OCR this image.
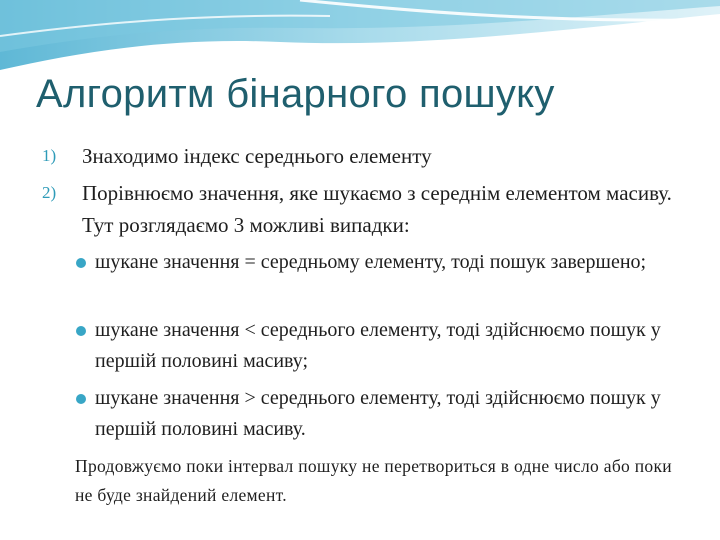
Алгоритм бінарного пошуку
1) Знаходимо індекс середнього елементу
2) Порівнюємо значення, яке шукаємо з середнім елементом масиву. Тут розглядаємо 3 можливі випадки:
шукане значення = середньому елементу, тоді пошук завершено;
шукане значення < середнього елементу, тоді здійснюємо пошук у першій половині масиву;
шукане значення > середнього елементу, тоді здійснюємо пошук у першій половині масиву.
Продовжуємо поки інтервал пошуку не перетвориться в одне число або поки не буде знайдений елемент.
